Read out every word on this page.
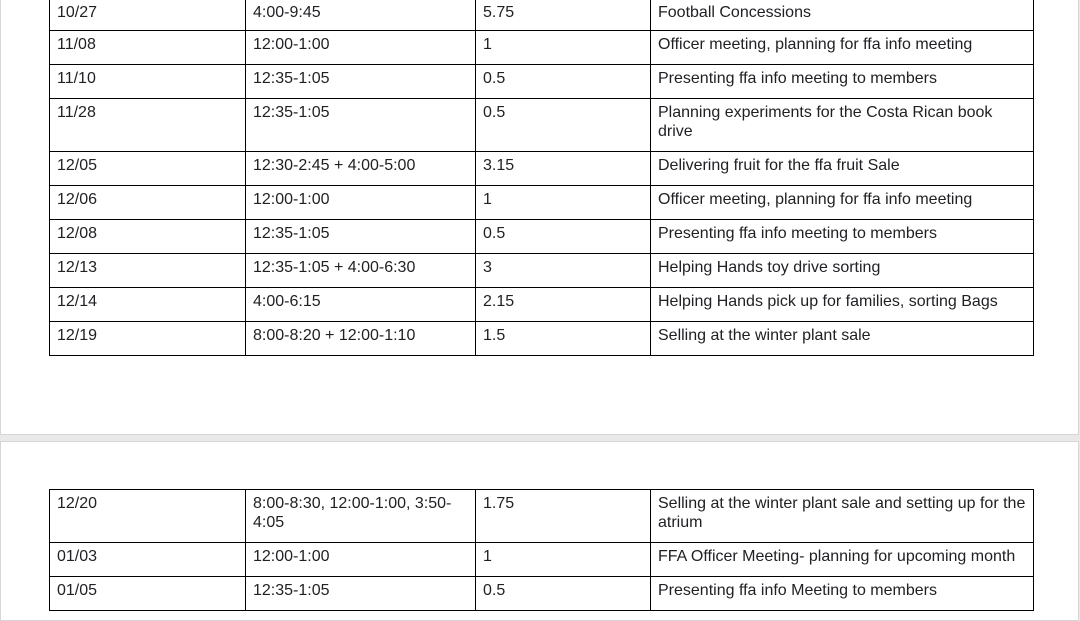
10/27	4:00-9:45	5.75	Football Concessions
11/08	12:00-1:00	1	Officer meeting, planning for ffa info meeting
11/10	12:35-1:05	0.5	Presenting ffa info meeting to members
11/28	12:35-1:05	0.5	Planning experiments for the Costa Rican book drive
12/05	12:30-2:45 + 4:00-5:00	3.15	Delivering fruit for the ffa fruit Sale
12/06	12:00-1:00	1	Officer meeting, planning for ffa info meeting
12/08	12:35-1:05	0.5	Presenting ffa info meeting to members
12/13	12:35-1:05 + 4:00-6:30	3	Helping Hands toy drive sorting
12/14	4:00-6:15	2.15	Helping Hands pick up for families, sorting Bags
12/19	8:00-8:20 + 12:00-1:10	1.5	Selling at the winter plant sale
12/20	8:00-8:30, 12:00-1:00, 3:50-4:05	1.75	Selling at the winter plant sale and setting up for the atrium
01/03	12:00-1:00	1	FFA Officer Meeting- planning for upcoming month
01/05	12:35-1:05	0.5	Presenting ffa info Meeting to members
